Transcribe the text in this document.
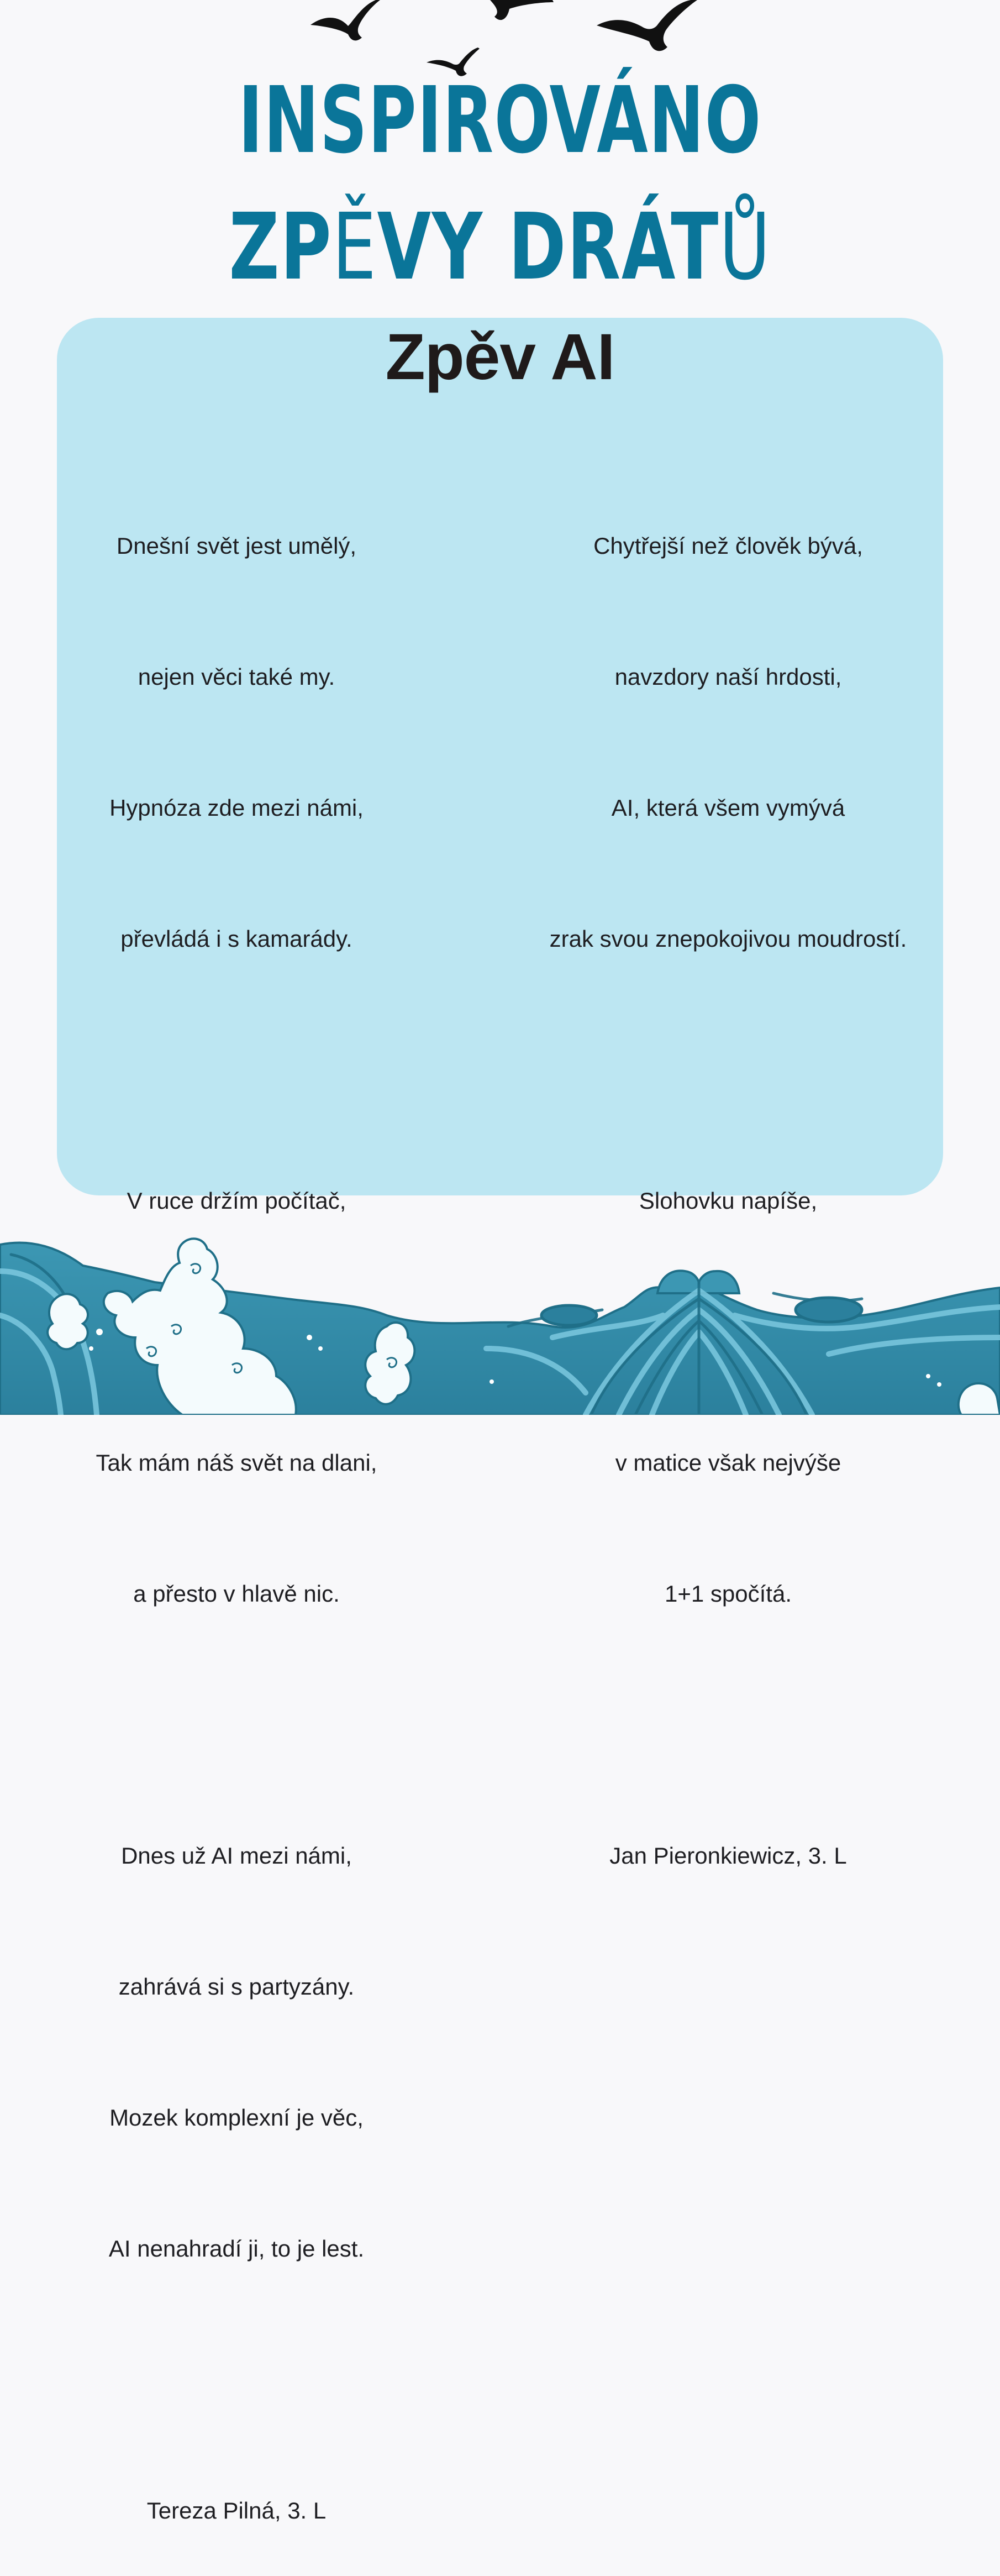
INSPIROVÁNO
ZPĚVY DRÁTŮ
Zpěv AI

Dnešní svět jest umělý,

nejen věci také my.

Hypnóza zde mezi námi,

převládá i s kamarády.

V ruce držím počítač,

Tak mám náš svět na dlani,

a přesto v hlavě nic.

Dnes už AI mezi námi,

zahrává si s partyzány.

Mozek komplexní je věc,

AI nenahradí ji, to je lest.

Tereza Pilná, 3. L

Chytřejší než člověk bývá,

navzdory naší hrdosti,

AI, která všem vymývá

zrak svou znepokojivou moudrostí.

Slohovku napíše,

v matice však nejvýše

1+1 spočítá.

Jan Pieronkiewicz, 3. L
